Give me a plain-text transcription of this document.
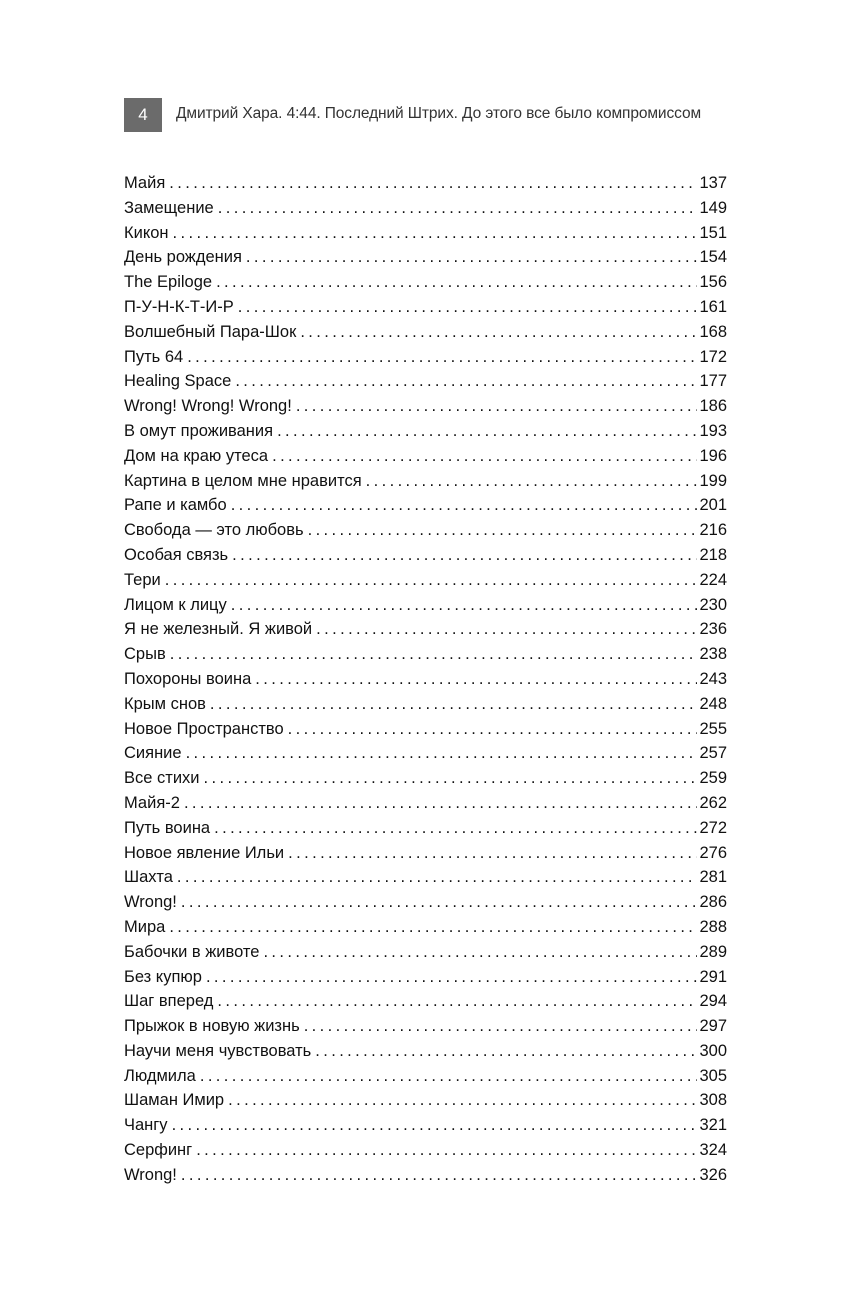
4	Дмитрий Хара. 4:44. Последний Штрих. До этого все было компромиссом
Майя .....	137
Замещение .....	149
Кикон .....	151
День рождения .....	154
The Epiloge .....	156
П-У-Н-К-Т-И-Р .....	161
Волшебный Пара-Шок .....	168
Путь 64 .....	172
Healing Space .....	177
Wrong! Wrong! Wrong! .....	186
В омут проживания .....	193
Дом на краю утеса .....	196
Картина в целом мне нравится .....	199
Рапе и камбо .....	201
Свобода — это любовь .....	216
Особая связь .....	218
Тери .....	224
Лицом к лицу .....	230
Я не железный. Я живой .....	236
Срыв .....	238
Похороны воина .....	243
Крым снов .....	248
Новое Пространство .....	255
Сияние .....	257
Все стихи .....	259
Майя-2 .....	262
Путь воина .....	272
Новое явление Ильи .....	276
Шахта .....	281
Wrong! .....	286
Мира .....	288
Бабочки в животе .....	289
Без купюр .....	291
Шаг вперед .....	294
Прыжок в новую жизнь .....	297
Научи меня чувствовать .....	300
Людмила .....	305
Шаман Имир .....	308
Чангу .....	321
Серфинг .....	324
Wrong! .....	326
